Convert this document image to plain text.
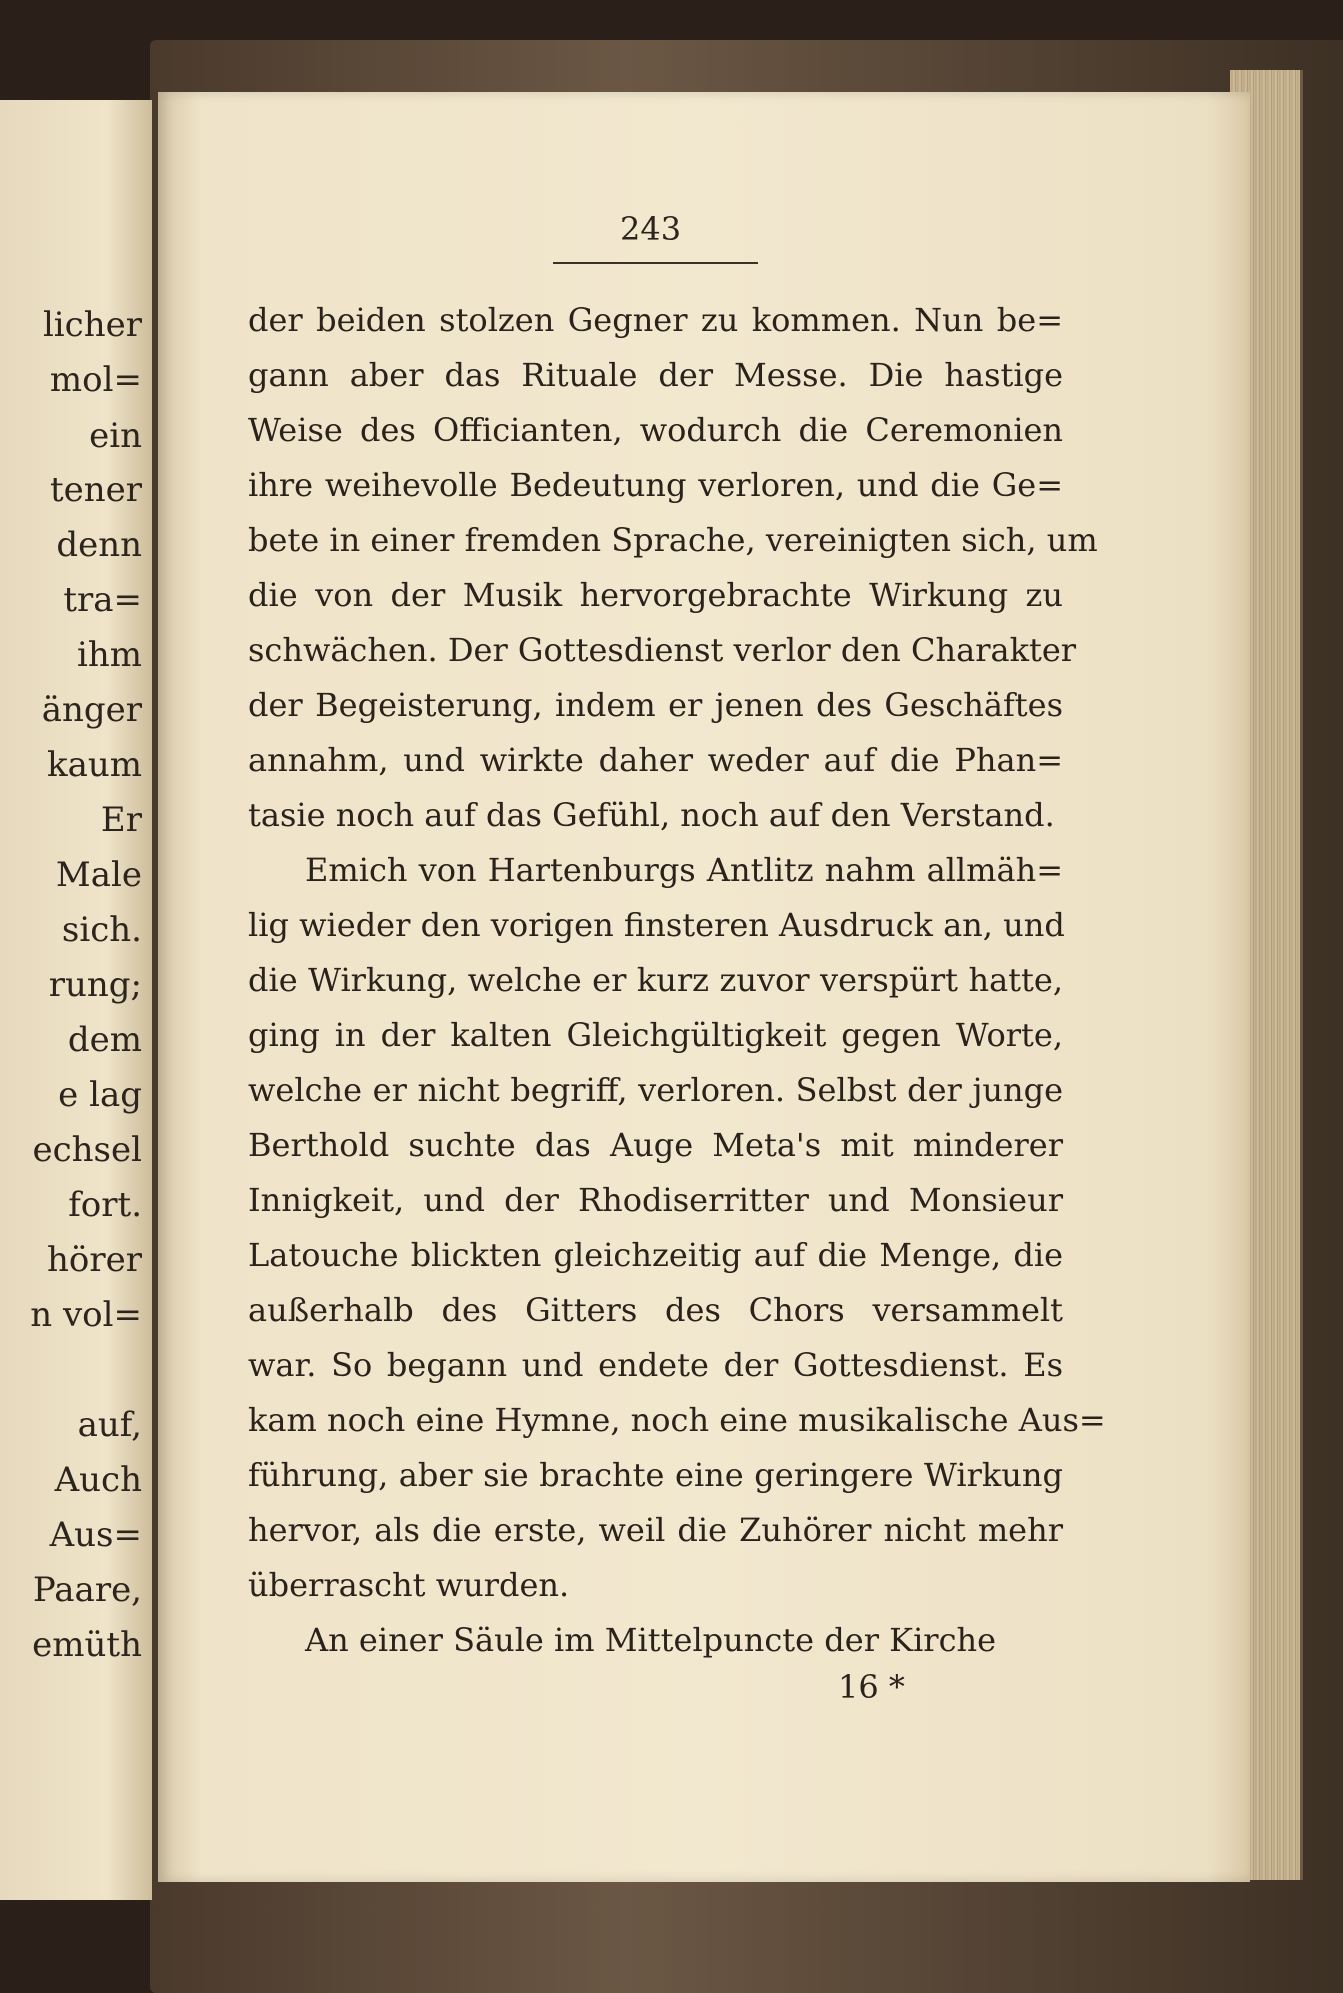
licher
mol=
ein
tener
denn
tra=
ihm
änger
kaum
Er
Male
sich.
rung;
dem
e lag
echsel
fort.
hörer
n vol=
auf,
Auch
Aus=
Paare,
emüth
243
der beiden stolzen Gegner zu kommen. Nun be=
gann aber das Rituale der Messe. Die hastige
Weise des Officianten, wodurch die Ceremonien
ihre weihevolle Bedeutung verloren, und die Ge=
bete in einer fremden Sprache, vereinigten sich, um
die von der Musik hervorgebrachte Wirkung zu
schwächen. Der Gottesdienst verlor den Charakter
der Begeisterung, indem er jenen des Geschäftes
annahm, und wirkte daher weder auf die Phan=
tasie noch auf das Gefühl, noch auf den Verstand.
Emich von Hartenburgs Antlitz nahm allmäh=
lig wieder den vorigen finsteren Ausdruck an, und
die Wirkung, welche er kurz zuvor verspürt hatte,
ging in der kalten Gleichgültigkeit gegen Worte,
welche er nicht begriff, verloren. Selbst der junge
Berthold suchte das Auge Meta's mit minderer
Innigkeit, und der Rhodiserritter und Monsieur
Latouche blickten gleichzeitig auf die Menge, die
außerhalb des Gitters des Chors versammelt
war. So begann und endete der Gottesdienst. Es
kam noch eine Hymne, noch eine musikalische Aus=
führung, aber sie brachte eine geringere Wirkung
hervor, als die erste, weil die Zuhörer nicht mehr
überrascht wurden.
An einer Säule im Mittelpuncte der Kirche
16 *
